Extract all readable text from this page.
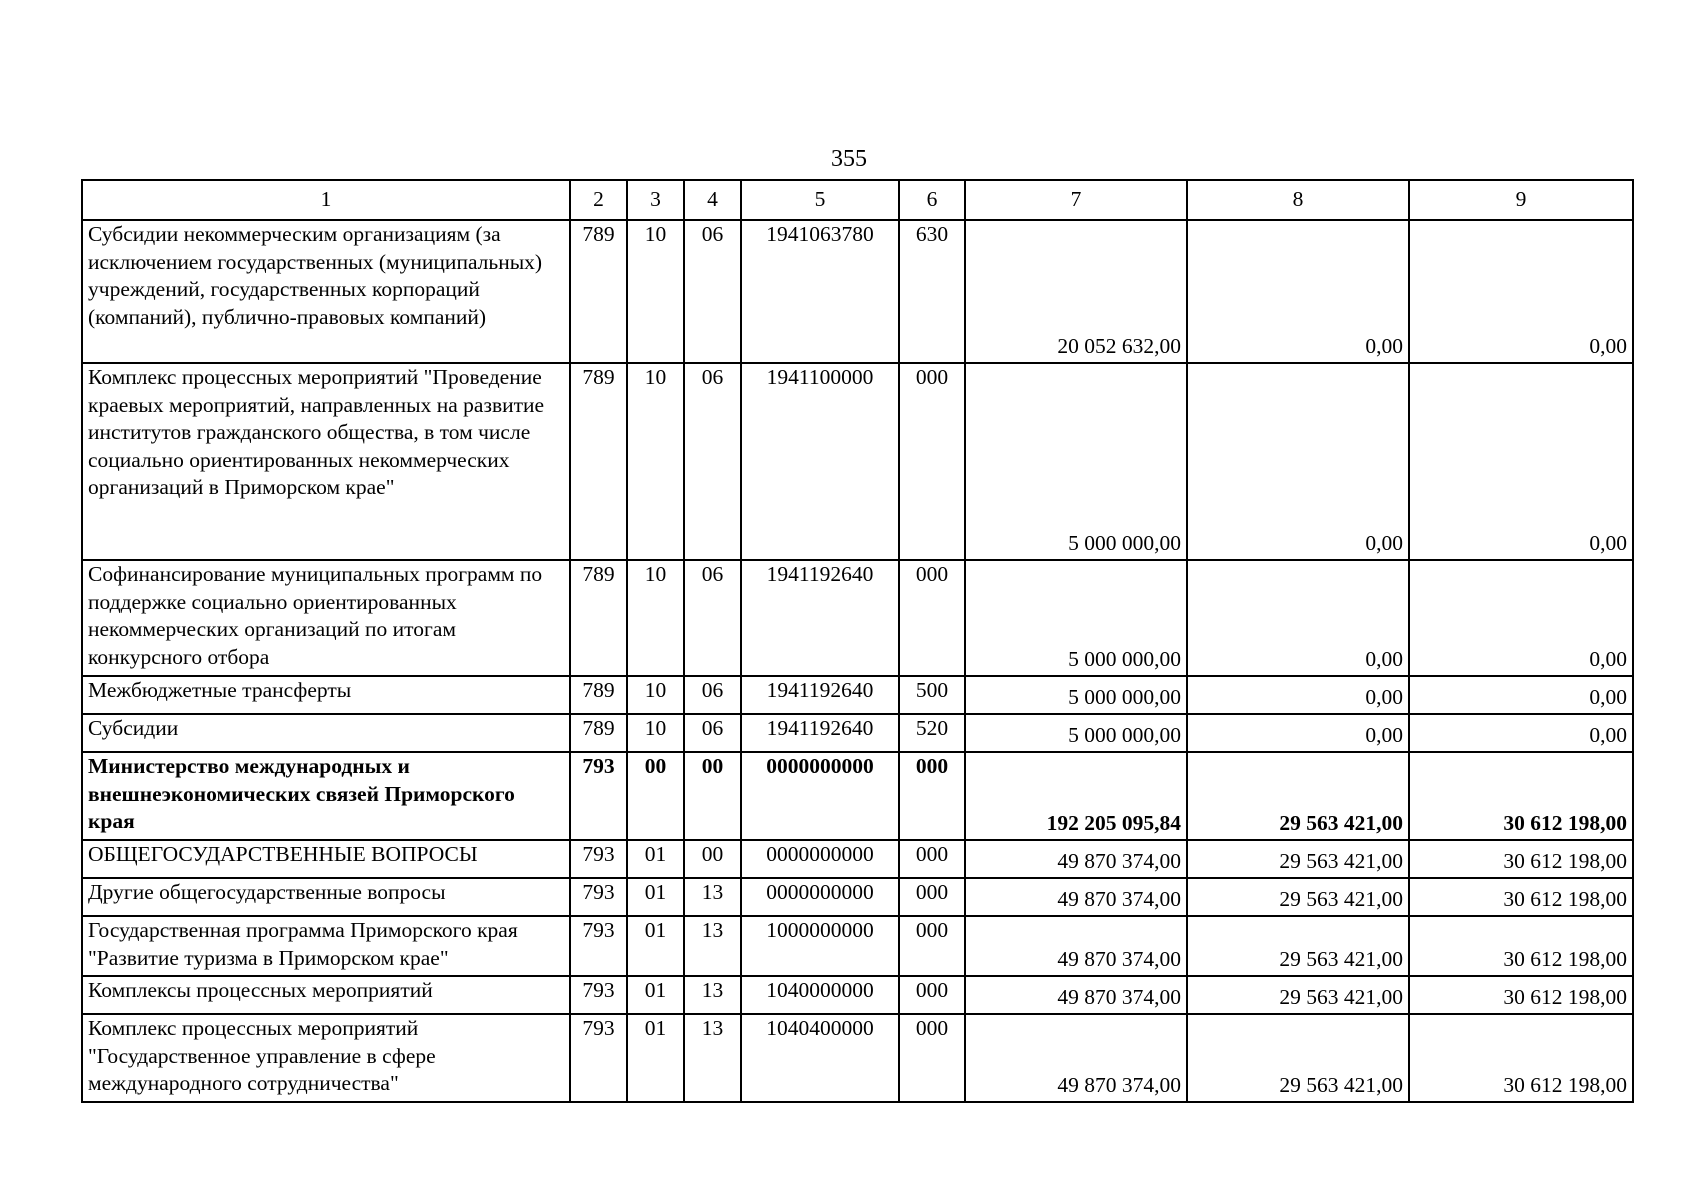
355
1	2	3	4	5	6	7	8	9
Субсидии некоммерческим организациям (за исключением государственных (муниципальных) учреждений, государственных корпораций (компаний), публично-правовых компаний)	789	10	06	1941063780	630	20 052 632,00	0,00	0,00
Комплекс процессных мероприятий "Проведение краевых мероприятий, направленных на развитие институтов гражданского общества, в том числе социально ориентированных некоммерческих организаций в Приморском крае"	789	10	06	1941100000	000	5 000 000,00	0,00	0,00
Софинансирование муниципальных программ по поддержке социально ориентированных некоммерческих организаций по итогам конкурсного отбора	789	10	06	1941192640	000	5 000 000,00	0,00	0,00
Межбюджетные трансферты	789	10	06	1941192640	500	5 000 000,00	0,00	0,00
Субсидии	789	10	06	1941192640	520	5 000 000,00	0,00	0,00
Министерство международных и внешнеэкономических связей Приморского края	793	00	00	0000000000	000	192 205 095,84	29 563 421,00	30 612 198,00
ОБЩЕГОСУДАРСТВЕННЫЕ ВОПРОСЫ	793	01	00	0000000000	000	49 870 374,00	29 563 421,00	30 612 198,00
Другие общегосударственные вопросы	793	01	13	0000000000	000	49 870 374,00	29 563 421,00	30 612 198,00
Государственная программа Приморского края "Развитие туризма в Приморском крае"	793	01	13	1000000000	000	49 870 374,00	29 563 421,00	30 612 198,00
Комплексы процессных мероприятий	793	01	13	1040000000	000	49 870 374,00	29 563 421,00	30 612 198,00
Комплекс процессных мероприятий "Государственное управление в сфере международного сотрудничества"	793	01	13	1040400000	000	49 870 374,00	29 563 421,00	30 612 198,00
